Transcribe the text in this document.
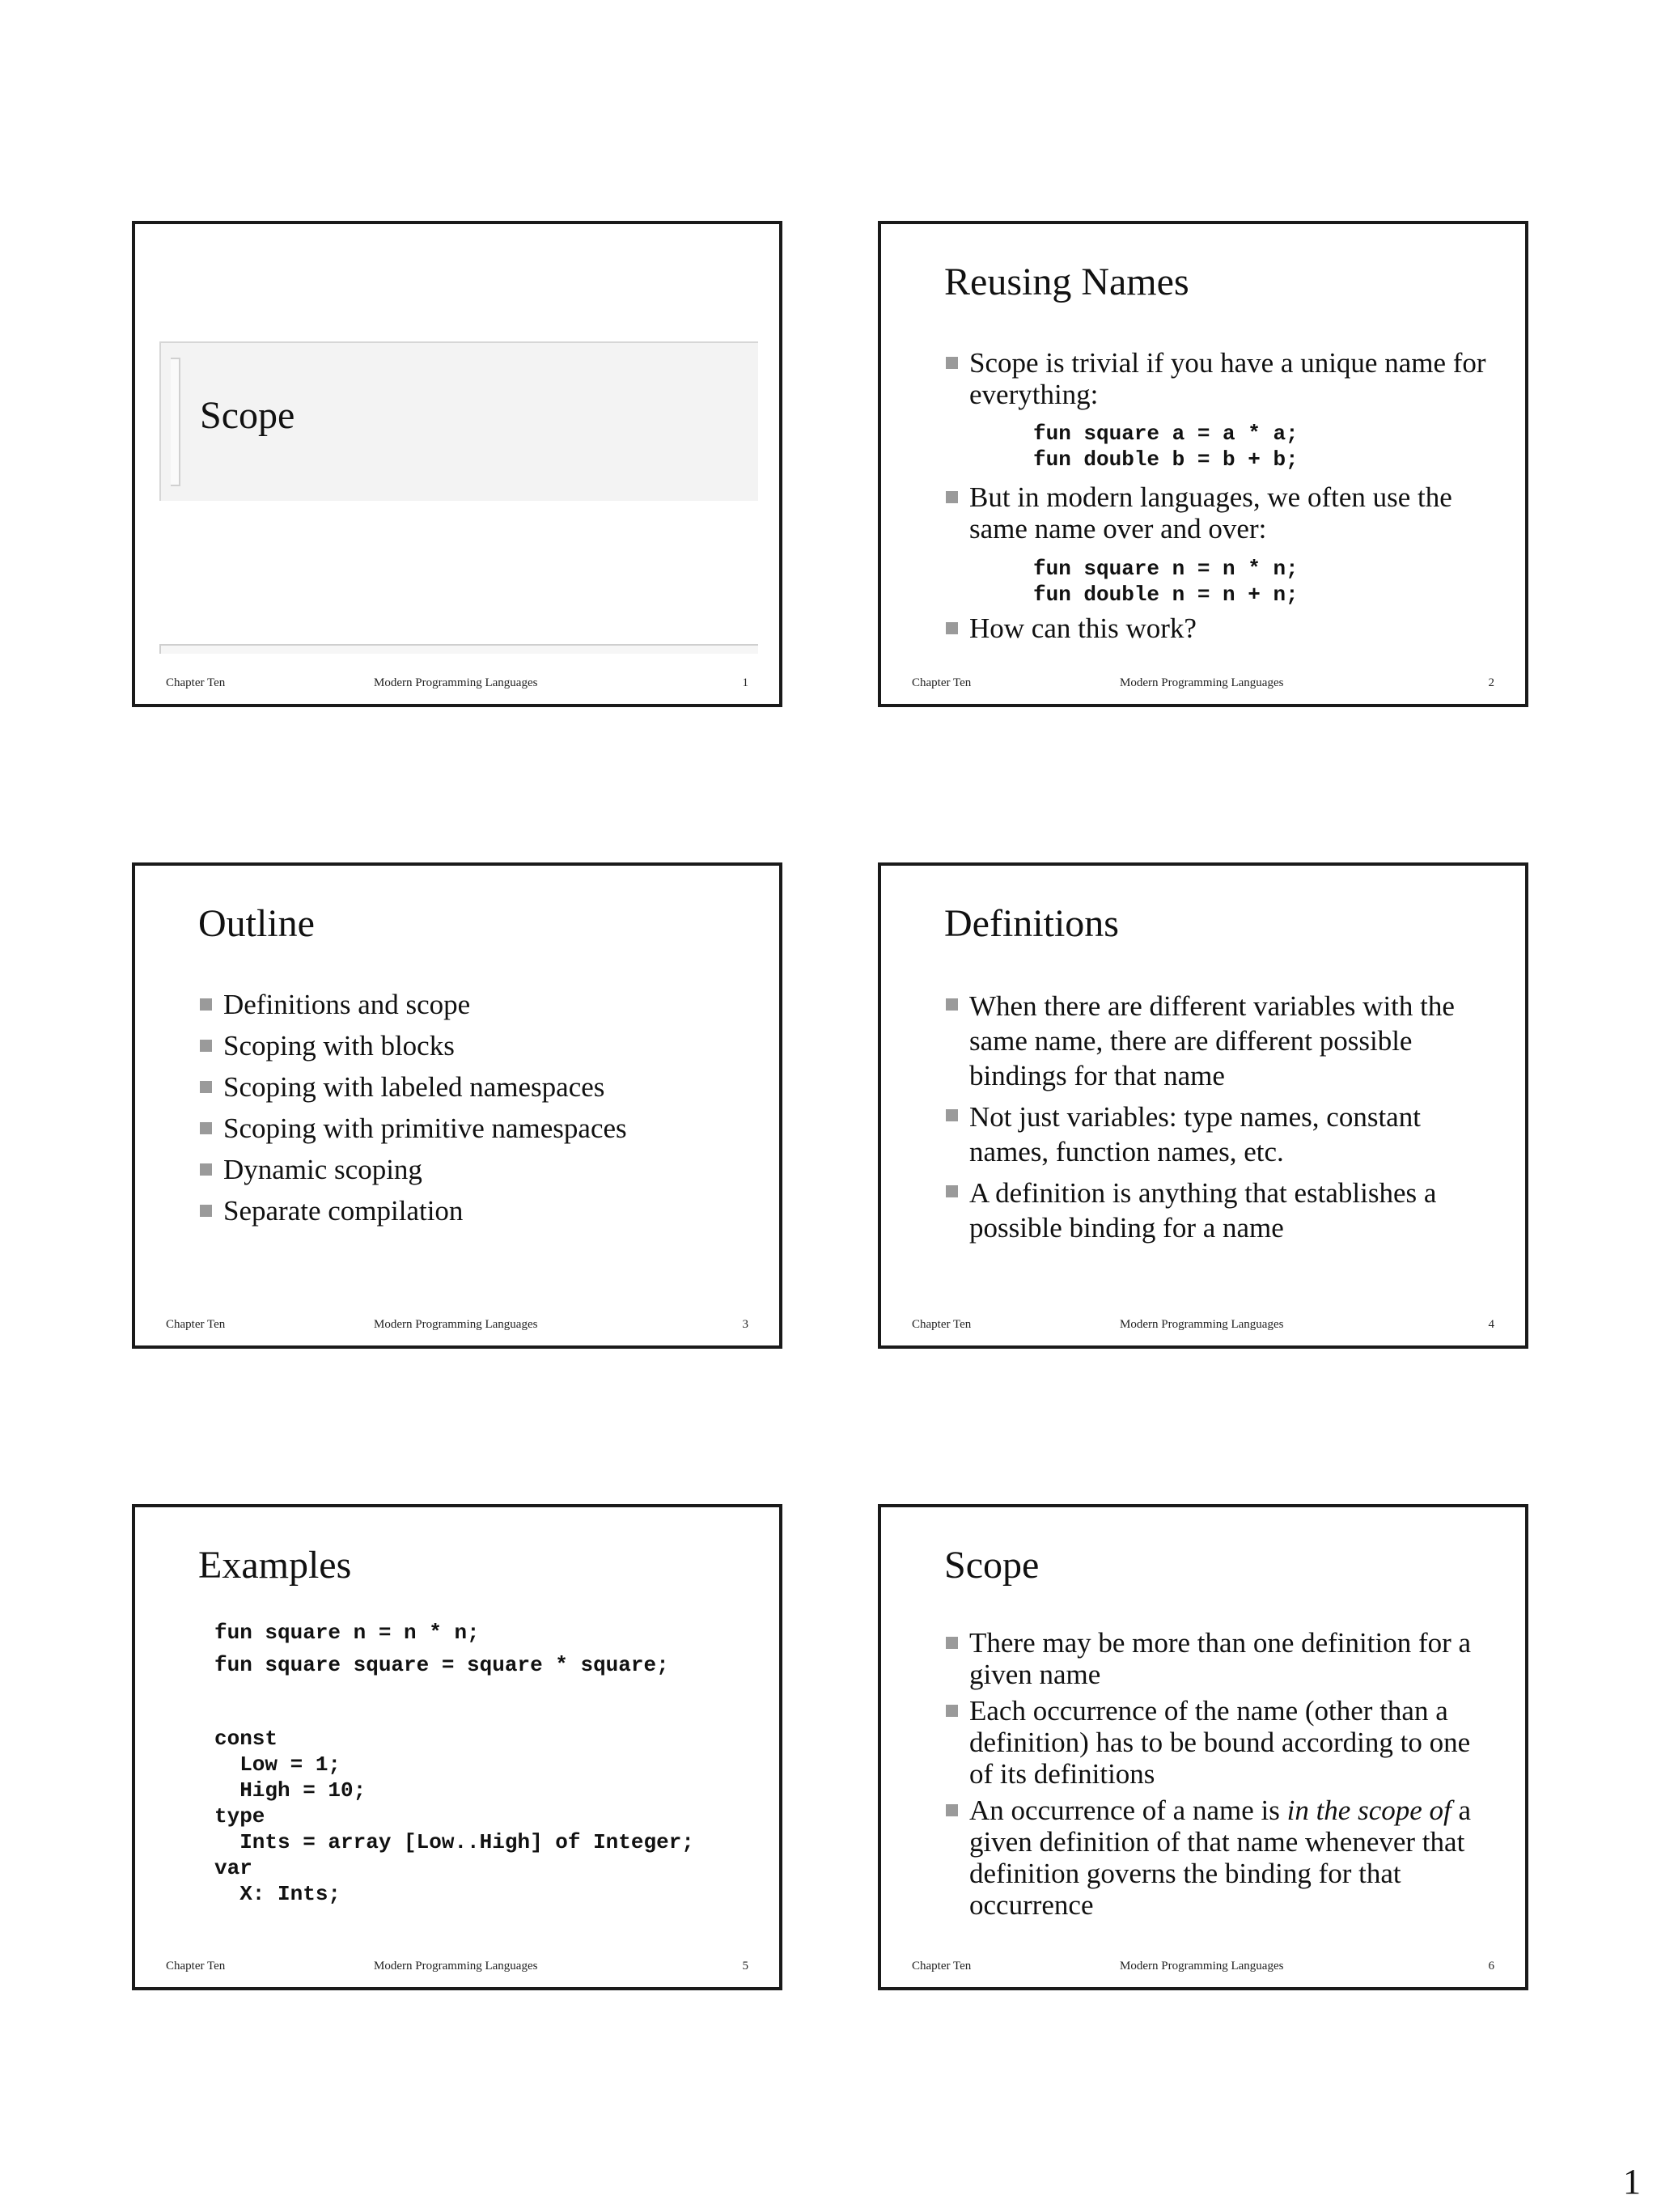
Scope
Chapter Ten	Modern Programming Languages	1
Reusing Names
Scope is trivial if you have a unique name for everything:
fun square a = a * a;
fun double b = b + b;
But in modern languages, we often use the same name over and over:
fun square n = n * n;
fun double n = n + n;
How can this work?
Chapter Ten	Modern Programming Languages	2
Outline
Definitions and scope
Scoping with blocks
Scoping with labeled namespaces
Scoping with primitive namespaces
Dynamic scoping
Separate compilation
Chapter Ten	Modern Programming Languages	3
Definitions
When there are different variables with the same name, there are different possible bindings for that name
Not just variables: type names, constant names, function names, etc.
A definition is anything that establishes a possible binding for a name
Chapter Ten	Modern Programming Languages	4
Examples
fun square n = n * n;
fun square square = square * square;
const
Low = 1;
High = 10;
type
Ints = array [Low..High] of Integer;
var
X: Ints;
Chapter Ten	Modern Programming Languages	5
Scope
There may be more than one definition for a given name
Each occurrence of the name (other than a definition) has to be bound according to one of its definitions
An occurrence of a name is in the scope of a given definition of that name whenever that definition governs the binding for that occurrence
Chapter Ten	Modern Programming Languages	6
1
